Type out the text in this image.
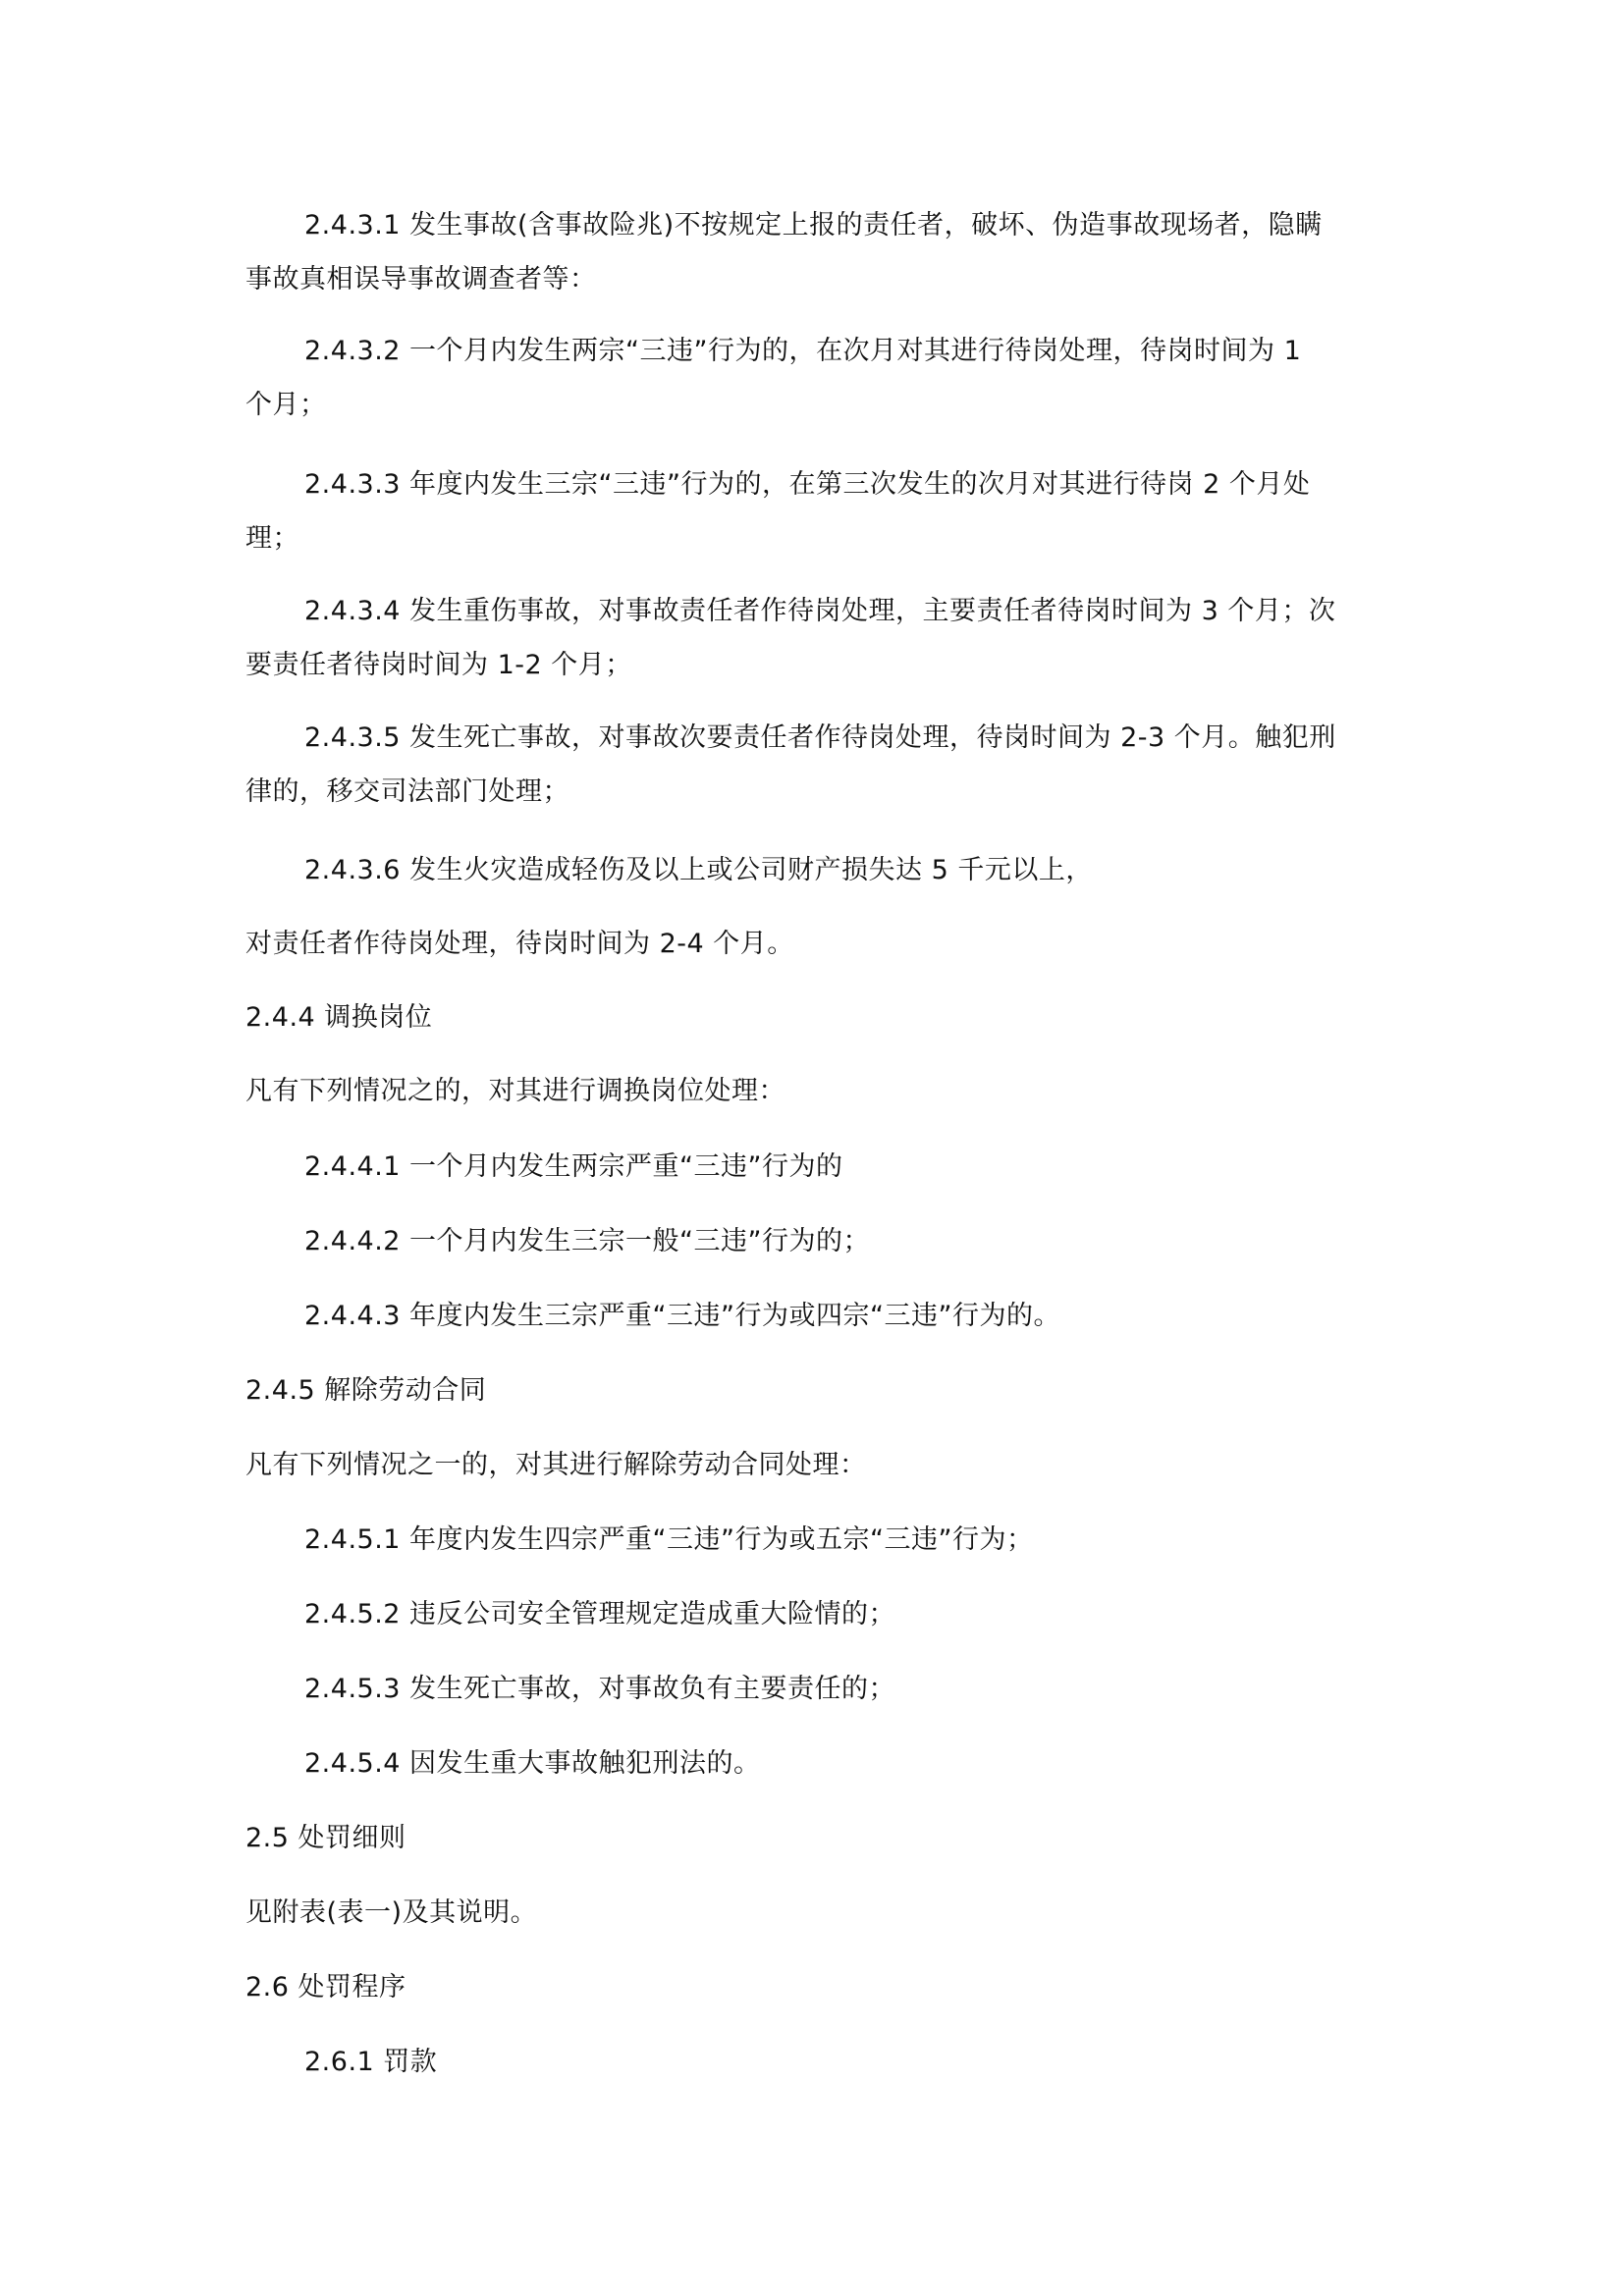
2.4.3.1 发生事故(含事故险兆)不按规定上报的责任者，破坏、伪造事故现场者，隐瞒
事故真相误导事故调查者等：
2.4.3.2 一个月内发生两宗“三违”行为的，在次月对其进行待岗处理，待岗时间为 1
个月；
2.4.3.3 年度内发生三宗“三违”行为的，在第三次发生的次月对其进行待岗 2 个月处
理；
2.4.3.4 发生重伤事故，对事故责任者作待岗处理，主要责任者待岗时间为 3 个月；次
要责任者待岗时间为 1-2 个月；
2.4.3.5 发生死亡事故，对事故次要责任者作待岗处理，待岗时间为 2-3 个月。触犯刑
律的，移交司法部门处理；
2.4.3.6 发生火灾造成轻伤及以上或公司财产损失达 5 千元以上，
对责任者作待岗处理，待岗时间为 2-4 个月。
2.4.4 调换岗位
凡有下列情况之的，对其进行调换岗位处理：
2.4.4.1 一个月内发生两宗严重“三违”行为的
2.4.4.2 一个月内发生三宗一般“三违”行为的；
2.4.4.3 年度内发生三宗严重“三违”行为或四宗“三违”行为的。
2.4.5 解除劳动合同
凡有下列情况之一的，对其进行解除劳动合同处理：
2.4.5.1 年度内发生四宗严重“三违”行为或五宗“三违”行为；
2.4.5.2 违反公司安全管理规定造成重大险情的；
2.4.5.3 发生死亡事故，对事故负有主要责任的；
2.4.5.4 因发生重大事故触犯刑法的。
2.5 处罚细则
见附表(表一)及其说明。
2.6 处罚程序
2.6.1 罚款
